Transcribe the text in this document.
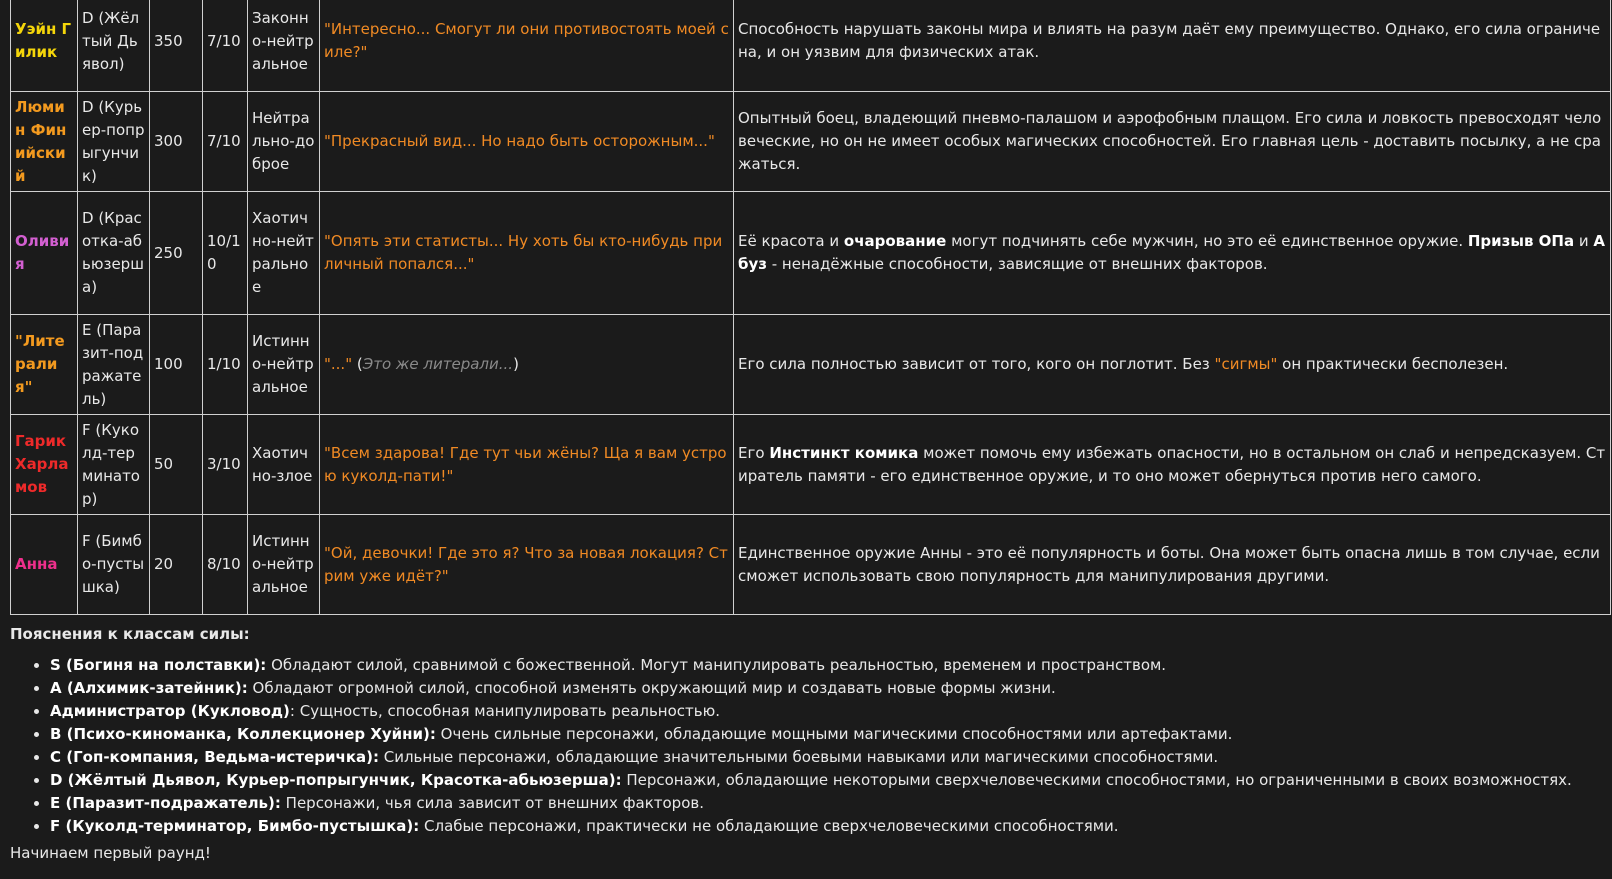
Уэйн Гилик	D (Жёлтый Дьявол)	350	7/10	Законно-нейтральное	"Интересно... Смогут ли они противостоять моей силе?"	Способность нарушать законы мира и влиять на разум даёт ему преимущество. Однако, его сила ограничена, и он уязвим для физических атак.
Люмин Финийский	D (Курьер-попрыгунчик)	300	7/10	Нейтрально-доброе	"Прекрасный вид... Но надо быть осторожным..."	Опытный боец, владеющий пневмо-палашом и аэрофобным плащом. Его сила и ловкость превосходят человеческие, но он не имеет особых магических способностей. Его главная цель - доставить посылку, а не сражаться.
Оливия	D (Красотка-абьюзерша)	250	10/10	Хаотично-нейтральное	"Опять эти статисты... Ну хоть бы кто-нибудь приличный попался..."	Её красота и очарование могут подчинять себе мужчин, но это её единственное оружие. Призыв ОПа и Абуз - ненадёжные способности, зависящие от внешних факторов.
"Литерали я"	E (Паразит-подражатель)	100	1/10	Истинно-нейтральное	"..." (Это же литерали...)	Его сила полностью зависит от того, кого он поглотит. Без "сигмы" он практически бесполезен.
Гарик Харламов	F (Куколд-терминатор)	50	3/10	Хаотично-злое	"Всем здарова! Где тут чьи жёны? Ща я вам устрою куколд-пати!"	Его Инстинкт комика может помочь ему избежать опасности, но в остальном он слаб и непредсказуем. Стиратель памяти - его единственное оружие, и то оно может обернуться против него самого.
Анна	F (Бимбо-пустышка)	20	8/10	Истинно-нейтральное	"Ой, девочки! Где это я? Что за новая локация? Стрим уже идёт?"	Единственное оружие Анны - это её популярность и боты. Она может быть опасна лишь в том случае, если сможет использовать свою популярность для манипулирования другими.
Пояснения к классам силы:
• S (Богиня на полставки): Обладают силой, сравнимой с божественной. Могут манипулировать реальностью, временем и пространством.
• A (Алхимик-затейник): Обладают огромной силой, способной изменять окружающий мир и создавать новые формы жизни.
• Администратор (Кукловод): Сущность, способная манипулировать реальностью.
• B (Психо-киноманка, Коллекционер Хуйни): Очень сильные персонажи, обладающие мощными магическими способностями или артефактами.
• C (Гоп-компания, Ведьма-истеричка): Сильные персонажи, обладающие значительными боевыми навыками или магическими способностями.
• D (Жёлтый Дьявол, Курьер-попрыгунчик, Красотка-абьюзерша): Персонажи, обладающие некоторыми сверхчеловеческими способностями, но ограниченными в своих возможностях.
• E (Паразит-подражатель): Персонажи, чья сила зависит от внешних факторов.
• F (Куколд-терминатор, Бимбо-пустышка): Слабые персонажи, практически не обладающие сверхчеловеческими способностями.
Начинаем первый раунд!
